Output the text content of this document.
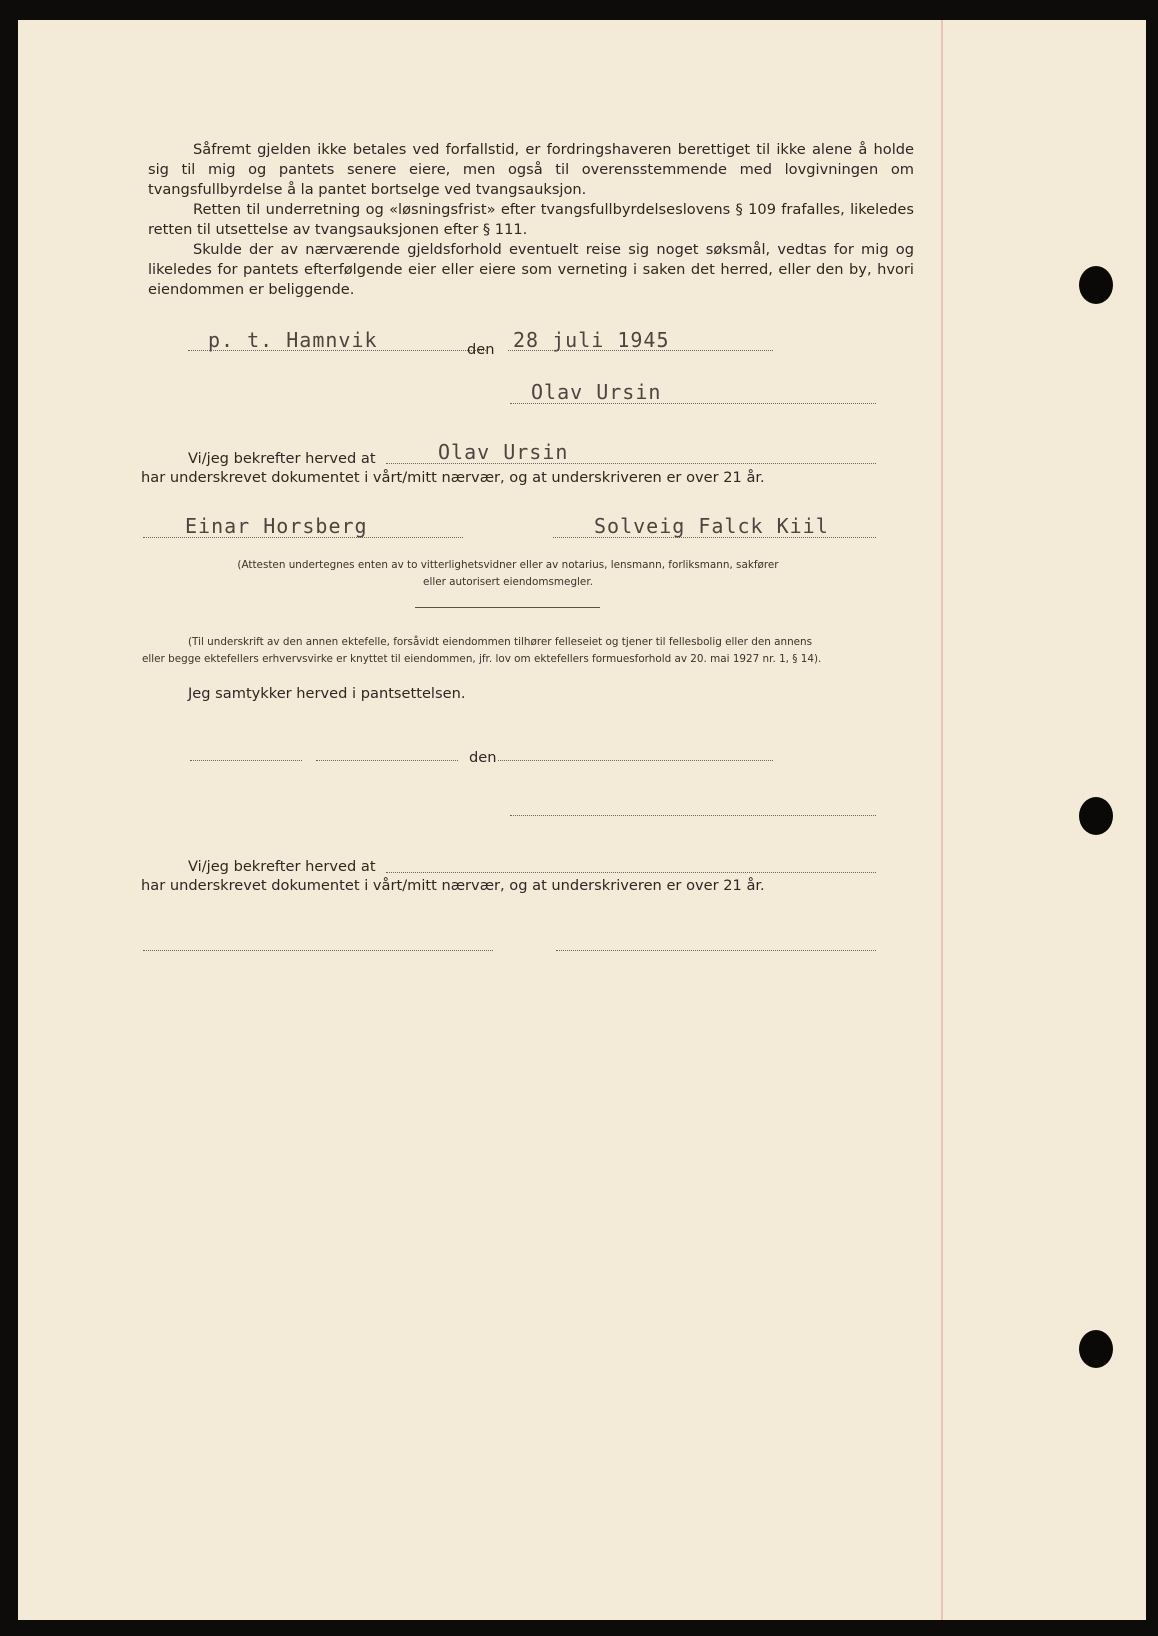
Såfremt gjelden ikke betales ved forfallstid, er fordringshaveren berettiget til ikke alene å holde sig til mig og pantets senere eiere, men også til overensstemmende med lovgivningen om tvangsfullbyrdelse å la pantet bortselge ved tvangsauksjon.

Retten til underretning og «løsningsfrist» efter tvangsfullbyrdelseslovens § 109 frafalles, likeledes retten til utsettelse av tvangsauksjonen efter § 111.

Skulde der av nærværende gjeldsforhold eventuelt reise sig noget søksmål, vedtas for mig og likeledes for pantets efterfølgende eier eller eiere som verneting i saken det herred, eller den by, hvori eiendommen er beliggende.

p. t. Hamnvik	den 28 juli 1945
Olav Ursin
Vi/jeg bekrefter herved at	Olav Ursin
har underskrevet dokumentet i vårt/mitt nærvær, og at underskriveren er over 21 år.
Einar Horsberg	Solveig Falck Kiil

(Attesten undertegnes enten av to vitterlighetsvidner eller av notarius, lensmann, forliksmann, sakfører

eller autorisert eiendomsmegler.

(Til underskrift av den annen ektefelle, forsåvidt eiendommen tilhører felleseiet og tjener til fellesbolig eller den annens

eller begge ektefellers erhvervsvirke er knyttet til eiendommen, jfr. lov om ektefellers formuesforhold av 20. mai 1927 nr. 1, § 14).

Jeg samtykker herved i pantsettelsen.
den
Vi/jeg bekrefter herved at
har underskrevet dokumentet i vårt/mitt nærvær, og at underskriveren er over 21 år.
